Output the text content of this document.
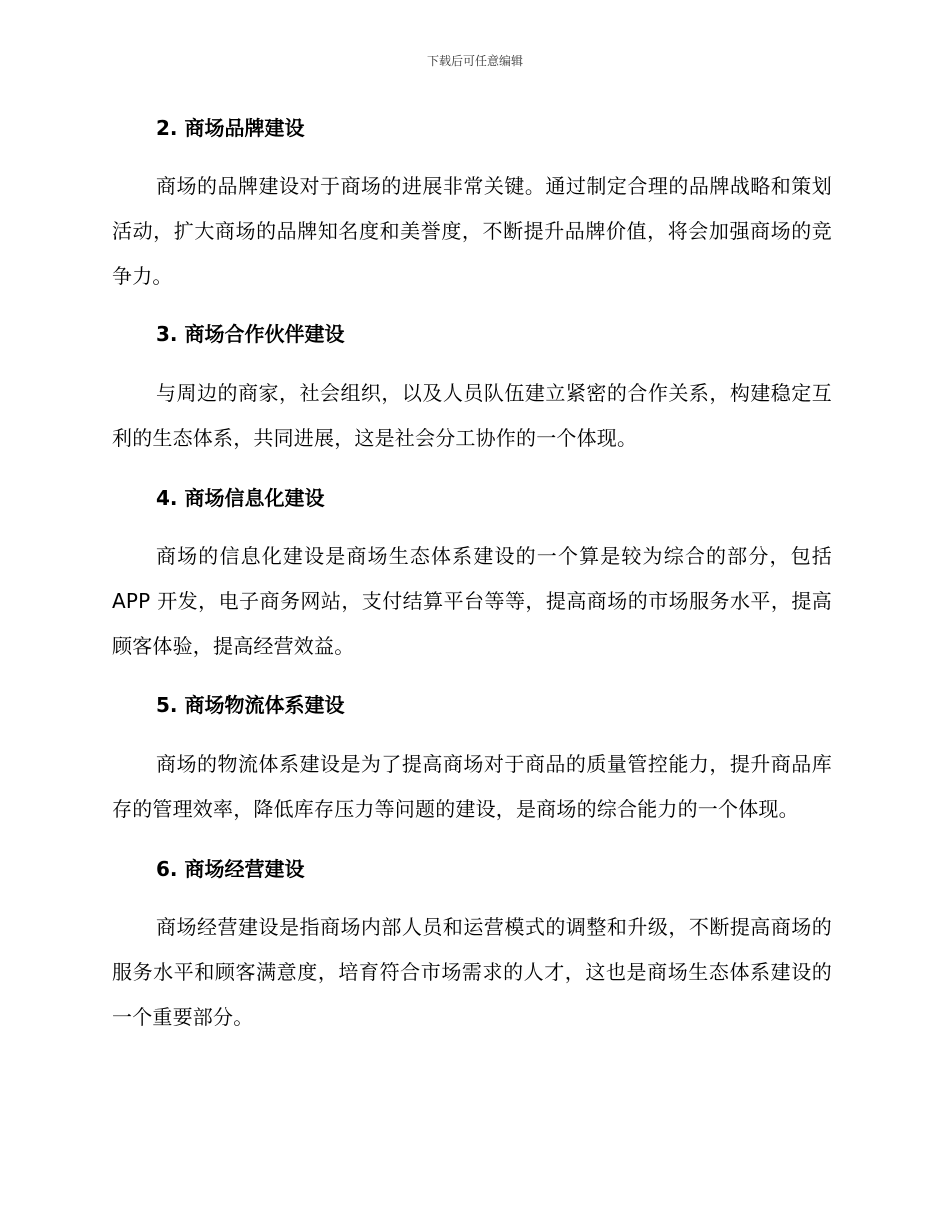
下载后可任意编辑
2. 商场品牌建设

商场的品牌建设对于商场的进展非常关键。通过制定合理的品牌战略和策划活动，扩大商场的品牌知名度和美誉度，不断提升品牌价值，将会加强商场的竞争力。

3. 商场合作伙伴建设

与周边的商家，社会组织，以及人员队伍建立紧密的合作关系，构建稳定互利的生态体系，共同进展，这是社会分工协作的一个体现。

4. 商场信息化建设

商场的信息化建设是商场生态体系建设的一个算是较为综合的部分，包括 APP 开发，电子商务网站，支付结算平台等等，提高商场的市场服务水平，提高顾客体验，提高经营效益。

5. 商场物流体系建设

商场的物流体系建设是为了提高商场对于商品的质量管控能力，提升商品库存的管理效率，降低库存压力等问题的建设，是商场的综合能力的一个体现。

6. 商场经营建设

商场经营建设是指商场内部人员和运营模式的调整和升级，不断提高商场的服务水平和顾客满意度，培育符合市场需求的人才，这也是商场生态体系建设的一个重要部分。
